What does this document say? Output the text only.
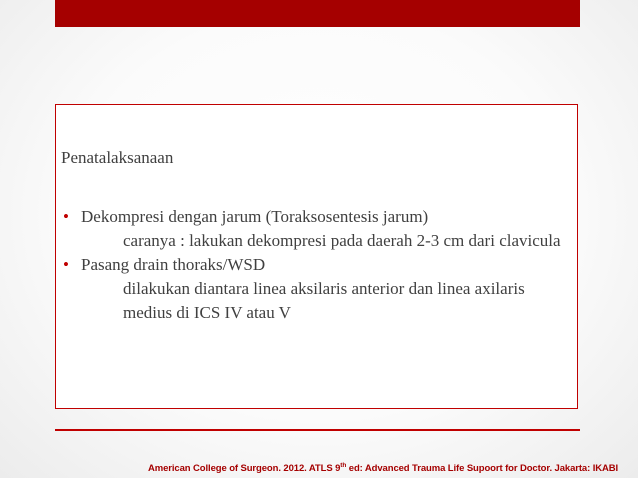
Penatalaksanaan
• Dekompresi dengan jarum (Toraksosentesis jarum)
caranya : lakukan dekompresi pada daerah 2-3 cm dari clavicula
• Pasang drain thoraks/WSD
dilakukan diantara linea aksilaris anterior dan linea axilaris medius di ICS IV atau V
American College of Surgeon. 2012. ATLS 9th ed: Advanced Trauma Life Supoort for Doctor. Jakarta: IKABI
